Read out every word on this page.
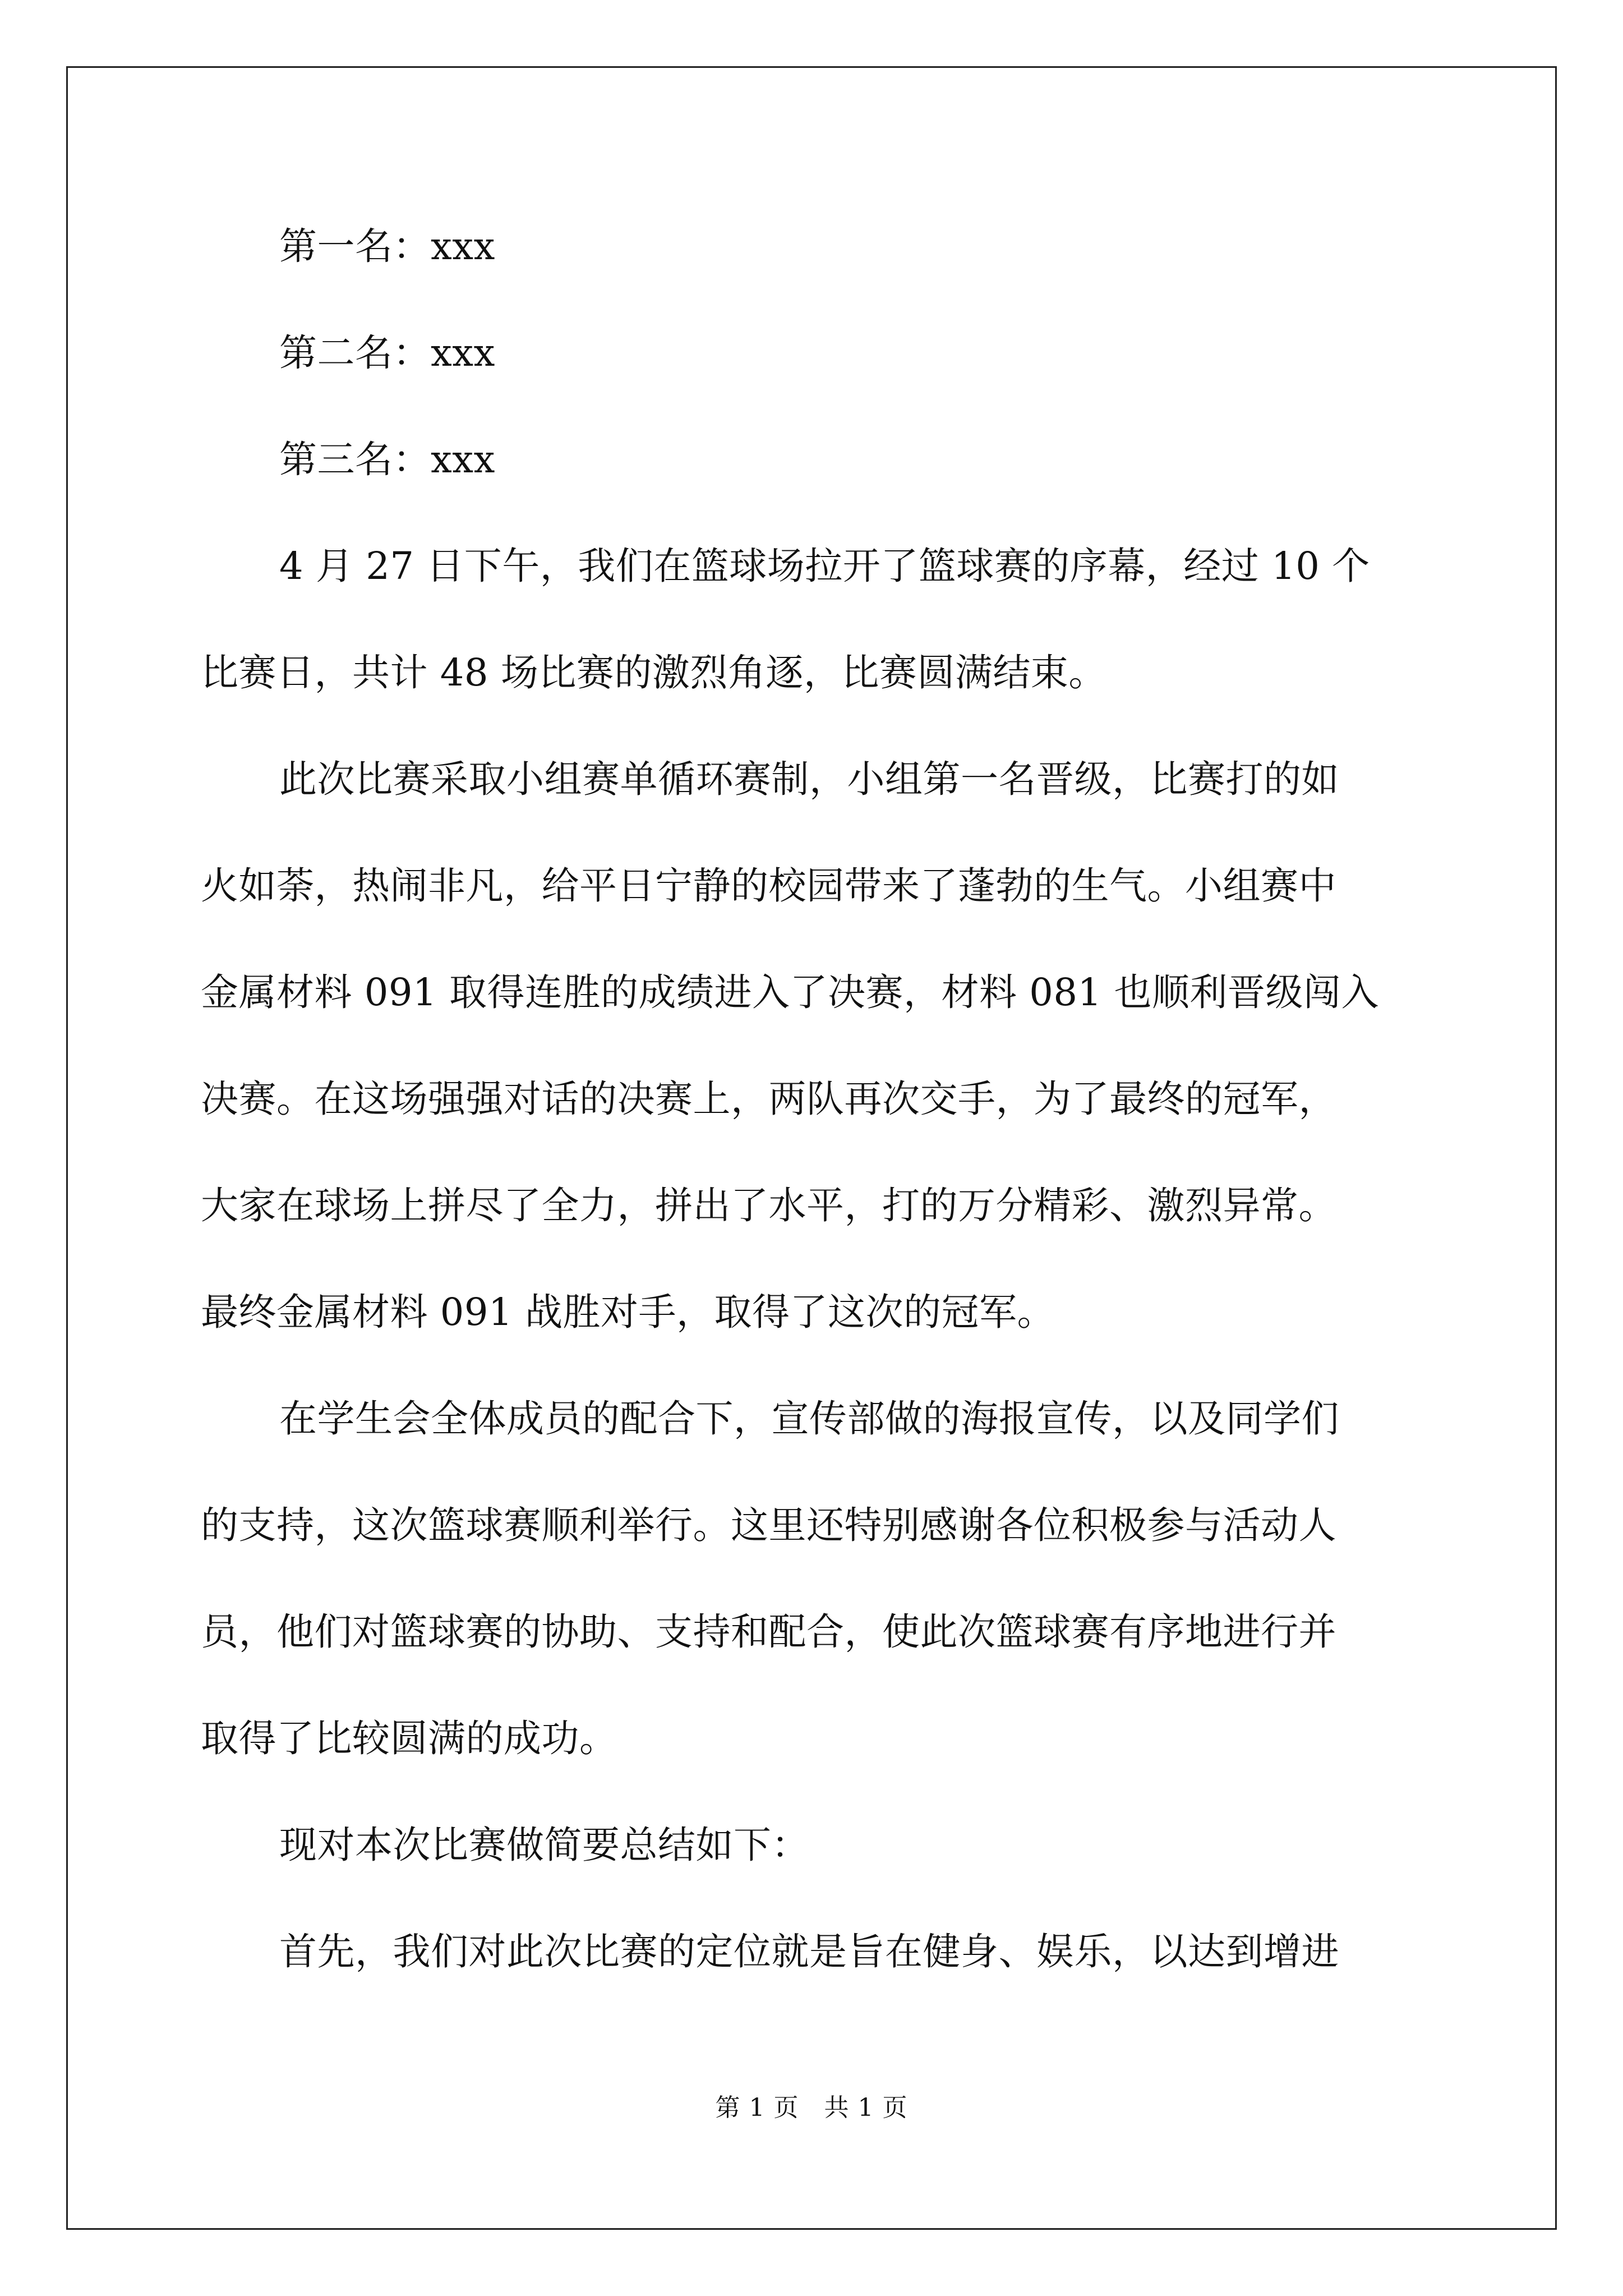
第一名：xxx
第二名：xxx
第三名：xxx
4 月 27 日下午，我们在篮球场拉开了篮球赛的序幕，经过 10 个
比赛日，共计 48 场比赛的激烈角逐，比赛圆满结束。
此次比赛采取小组赛单循环赛制，小组第一名晋级，比赛打的如
火如荼，热闹非凡，给平日宁静的校园带来了蓬勃的生气。小组赛中
金属材料 091 取得连胜的成绩进入了决赛，材料 081 也顺利晋级闯入
决赛。在这场强强对话的决赛上，两队再次交手，为了最终的冠军，
大家在球场上拼尽了全力，拼出了水平，打的万分精彩、激烈异常。
最终金属材料 091 战胜对手，取得了这次的冠军。
在学生会全体成员的配合下，宣传部做的海报宣传，以及同学们
的支持，这次篮球赛顺利举行。这里还特别感谢各位积极参与活动人
员，他们对篮球赛的协助、支持和配合，使此次篮球赛有序地进行并
取得了比较圆满的成功。
现对本次比赛做简要总结如下：
首先，我们对此次比赛的定位就是旨在健身、娱乐，以达到增进
第 1 页   共 1 页
